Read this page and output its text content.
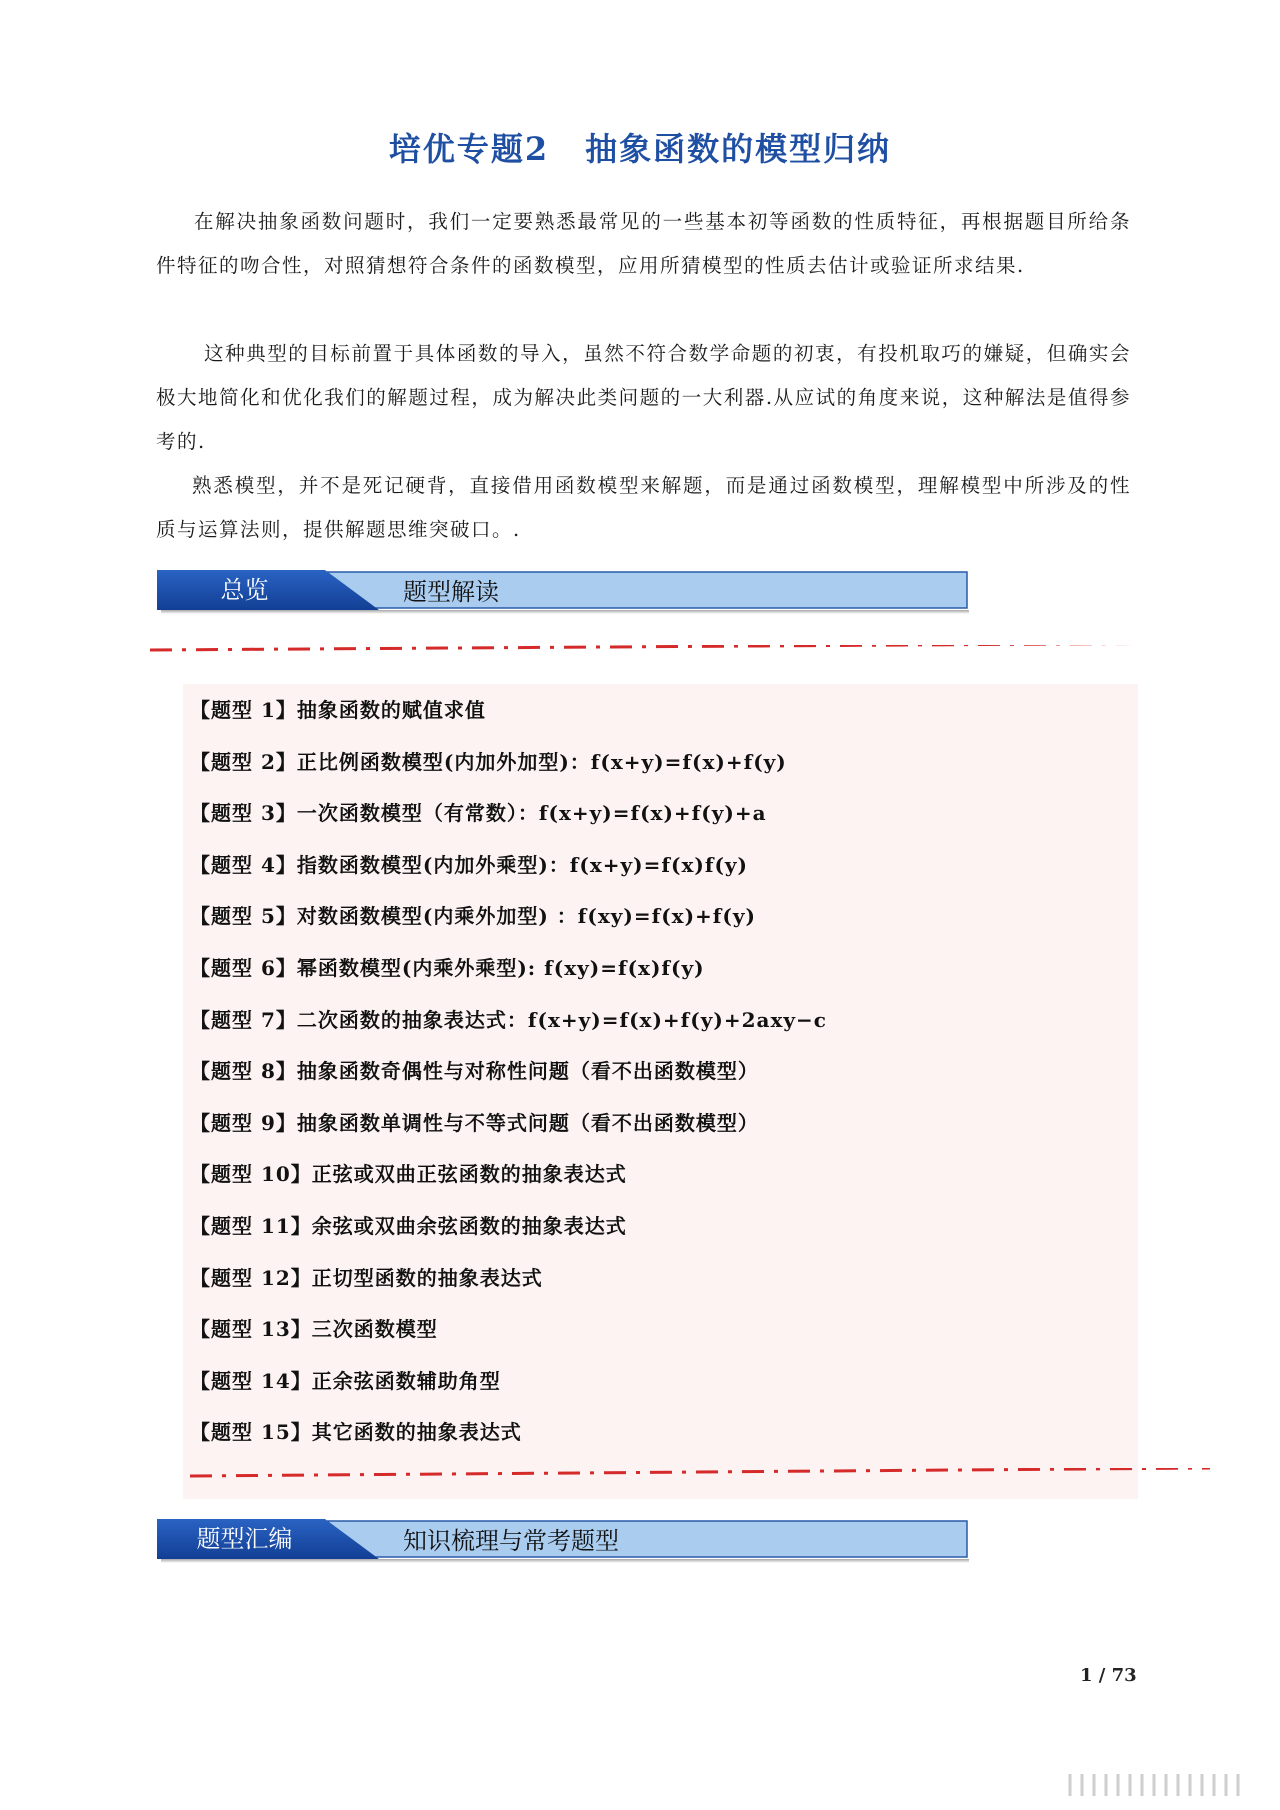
培优专题2 抽象函数的模型归纳
在解决抽象函数问题时，我们一定要熟悉最常见的一些基本初等函数的性质特征，再根据题目所给条件特征的吻合性，对照猜想符合条件的函数模型，应用所猜模型的性质去估计或验证所求结果.
这种典型的目标前置于具体函数的导入，虽然不符合数学命题的初衷，有投机取巧的嫌疑，但确实会极大地简化和优化我们的解题过程，成为解决此类问题的一大利器.从应试的角度来说，这种解法是值得参考的.
熟悉模型，并不是死记硬背，直接借用函数模型来解题，而是通过函数模型，理解模型中所涉及的性质与运算法则，提供解题思维突破口。.
总览	题型解读
【题型 1】抽象函数的赋值求值
【题型 2】正比例函数模型(内加外加型)：f(x+y)=f(x)+f(y)
【题型 3】一次函数模型（有常数）：f(x+y)=f(x)+f(y)+a
【题型 4】指数函数模型(内加外乘型)：f(x+y)=f(x)f(y)
【题型 5】对数函数模型(内乘外加型) ：f(xy)=f(x)+f(y)
【题型 6】幂函数模型(内乘外乘型): f(xy)=f(x)f(y)
【题型 7】二次函数的抽象表达式：f(x+y)=f(x)+f(y)+2axy−c
【题型 8】抽象函数奇偶性与对称性问题（看不出函数模型）
【题型 9】抽象函数单调性与不等式问题（看不出函数模型）
【题型 10】正弦或双曲正弦函数的抽象表达式
【题型 11】余弦或双曲余弦函数的抽象表达式
【题型 12】正切型函数的抽象表达式
【题型 13】三次函数模型
【题型 14】正余弦函数辅助角型
【题型 15】其它函数的抽象表达式
题型汇编	知识梳理与常考题型
1 / 73
